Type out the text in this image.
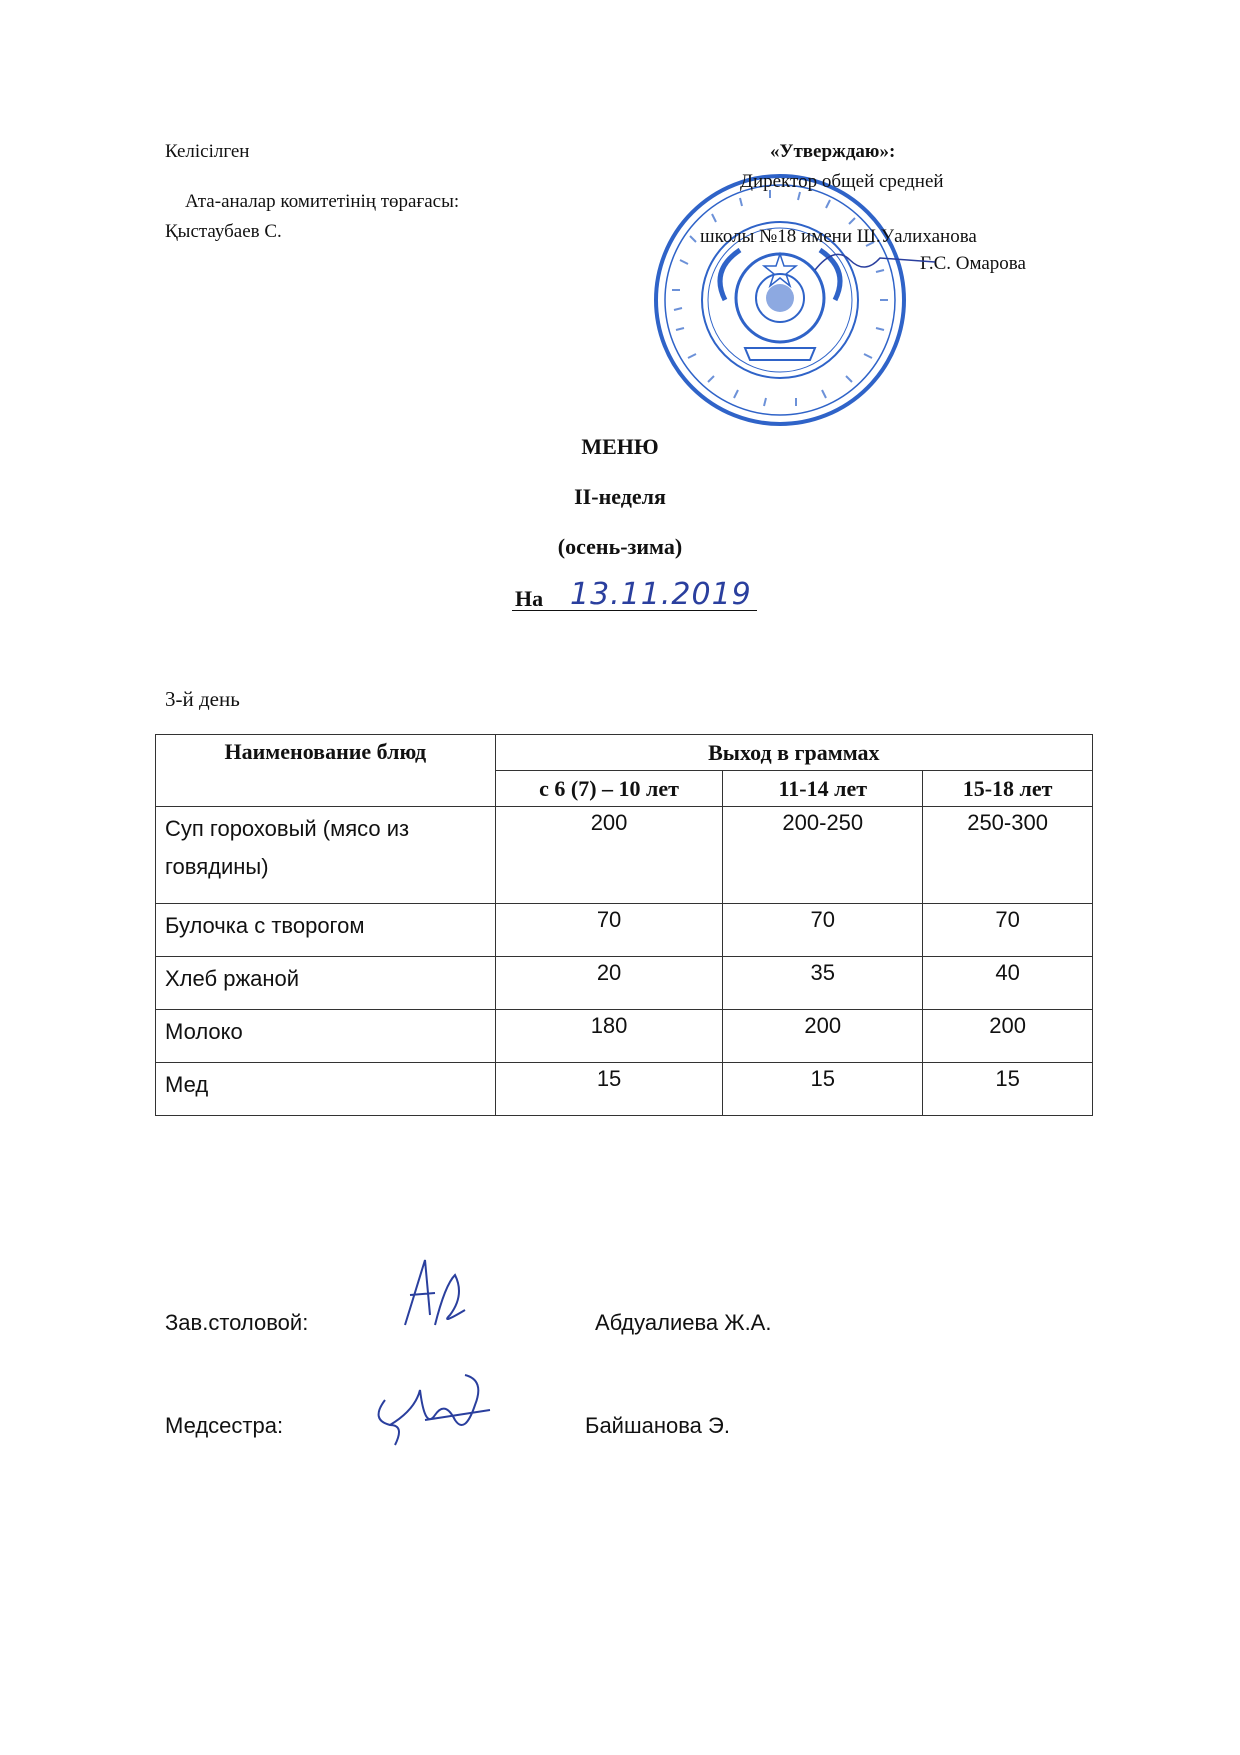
Келісілген
Ата-аналар комитетінің төрағасы:
Қыстаубаев С.
«Утверждаю»:
Директор общей средней
школы №18 имени Ш.Уалиханова
Г.С. Омарова
МЕНЮ
II-неделя
(осень-зима)
На 13.11.2019
3-й день
Наименование блюд	Выход в граммах		
	с 6 (7) – 10 лет	11-14 лет	15-18 лет
Суп гороховый (мясо из говядины)	200	200-250	250-300
Булочка с творогом	70	70	70
Хлеб ржаной	20	35	40
Молоко	180	200	200
Мед	15	15	15
Зав.столовой:	Абдуалиева Ж.А.
Медсестра:	Байшанова Э.
